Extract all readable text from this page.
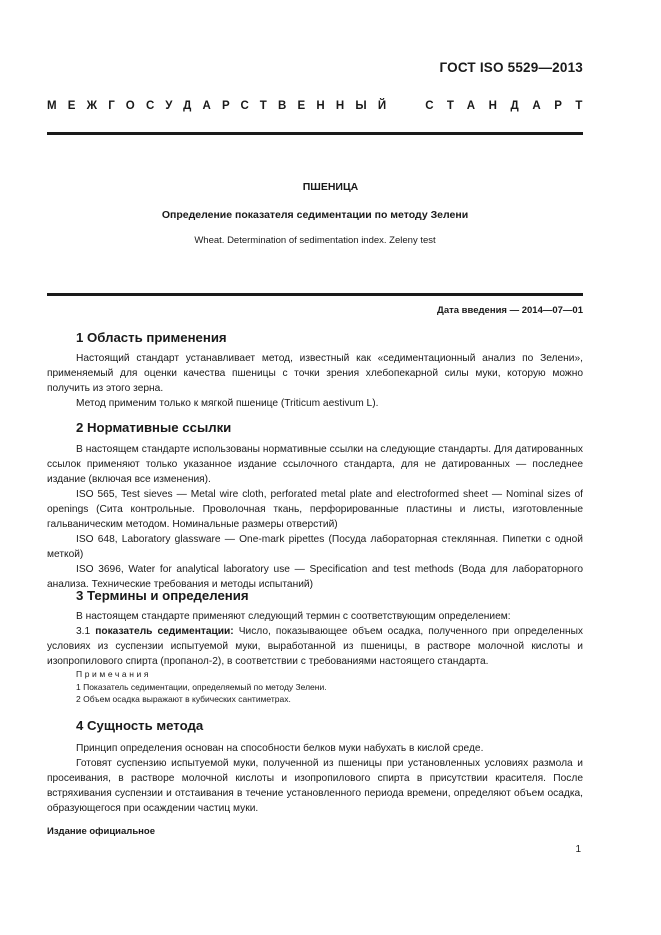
ГОСТ ISO 5529—2013
МЕЖГОСУДАРСТВЕННЫЙ СТАНДАРТ
ПШЕНИЦА
Определение показателя седиментации по методу Зелени
Wheat. Determination of sedimentation index. Zeleny test
Дата введения — 2014—07—01
1 Область применения

Настоящий стандарт устанавливает метод, известный как «седиментационный анализ по Зелени», применяемый для оценки качества пшеницы с точки зрения хлебопекарной силы муки, которую можно получить из этого зерна.

Метод применим только к мягкой пшенице (Triticum aestivum L).

2 Нормативные ссылки

В настоящем стандарте использованы нормативные ссылки на следующие стандарты. Для датированных ссылок применяют только указанное издание ссылочного стандарта, для не датированных — последнее издание (включая все изменения).

ISO 565, Test sieves — Metal wire cloth, perforated metal plate and electroformed sheet — Nominal sizes of openings (Сита контрольные. Проволочная ткань, перфорированные пластины и листы, изготовленные гальваническим методом. Номинальные размеры отверстий)

ISO 648, Laboratory glassware — One-mark pipettes (Посуда лабораторная стеклянная. Пипетки с одной меткой)

ISO 3696, Water for analytical laboratory use — Specification and test methods (Вода для лабораторного анализа. Технические требования и методы испытаний)

3 Термины и определения

В настоящем стандарте применяют следующий термин с соответствующим определением:

3.1 показатель седиментации: Число, показывающее объем осадка, полученного при определенных условиях из суспензии испытуемой муки, выработанной из пшеницы, в растворе молочной кислоты и изопропилового спирта (пропанол-2), в соответствии с требованиями настоящего стандарта.

Примечания
1 Показатель седиментации, определяемый по методу Зелени.
2 Объем осадка выражают в кубических сантиметрах.
4 Сущность метода

Принцип определения основан на способности белков муки набухать в кислой среде.

Готовят суспензию испытуемой муки, полученной из пшеницы при установленных условиях размола и просеивания, в растворе молочной кислоты и изопропилового спирта в присутствии красителя. После встряхивания суспензии и отстаивания в течение установленного периода времени, определяют объем осадка, образующегося при осаждении частиц муки.

Издание официальное
1
